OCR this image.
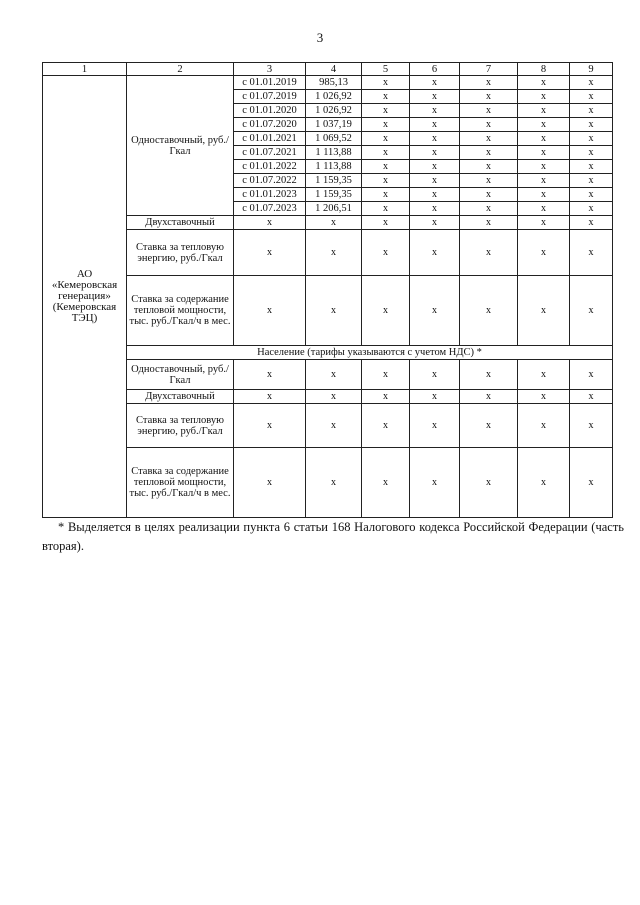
3
1	2	3	4	5	6	7	8	9

АО
«Кемеровская
генерация»
(Кемеровская
ТЭЦ)	Одноставочный, руб./Гкал	с 01.01.2019	985,13	x	x	x	x	x
		с 01.07.2019	1 026,92	x	x	x	x	x
		с 01.01.2020	1 026,92	x	x	x	x	x
		с 01.07.2020	1 037,19	x	x	x	x	x
		с 01.01.2021	1 069,52	x	x	x	x	x
		с 01.07.2021	1 113,88	x	x	x	x	x
		с 01.01.2022	1 113,88	x	x	x	x	x
		с 01.07.2022	1 159,35	x	x	x	x	x
		с 01.01.2023	1 159,35	x	x	x	x	x
		с 01.07.2023	1 206,51	x	x	x	x	x
	Двухставочный	x	x	x	x	x	x	x
	Ставка за тепловую энергию, руб./Гкал	x	x	x	x	x	x	x
	Ставка за содержание тепловой мощности, тыс. руб./Гкал/ч в мес.	x	x	x	x	x	x	x
	Население (тарифы указываются с учетом НДС) *							
	Одноставочный, руб./Гкал	x	x	x	x	x	x	x
	Двухставочный	x	x	x	x	x	x	x
	Ставка за тепловую энергию, руб./Гкал	x	x	x	x	x	x	x
	Ставка за содержание тепловой мощности, тыс. руб./Гкал/ч в мес.	x	x	x	x	x	x	x
* Выделяется в целях реализации пункта 6 статьи 168 Налогового кодекса Российской Федерации (часть вторая).
